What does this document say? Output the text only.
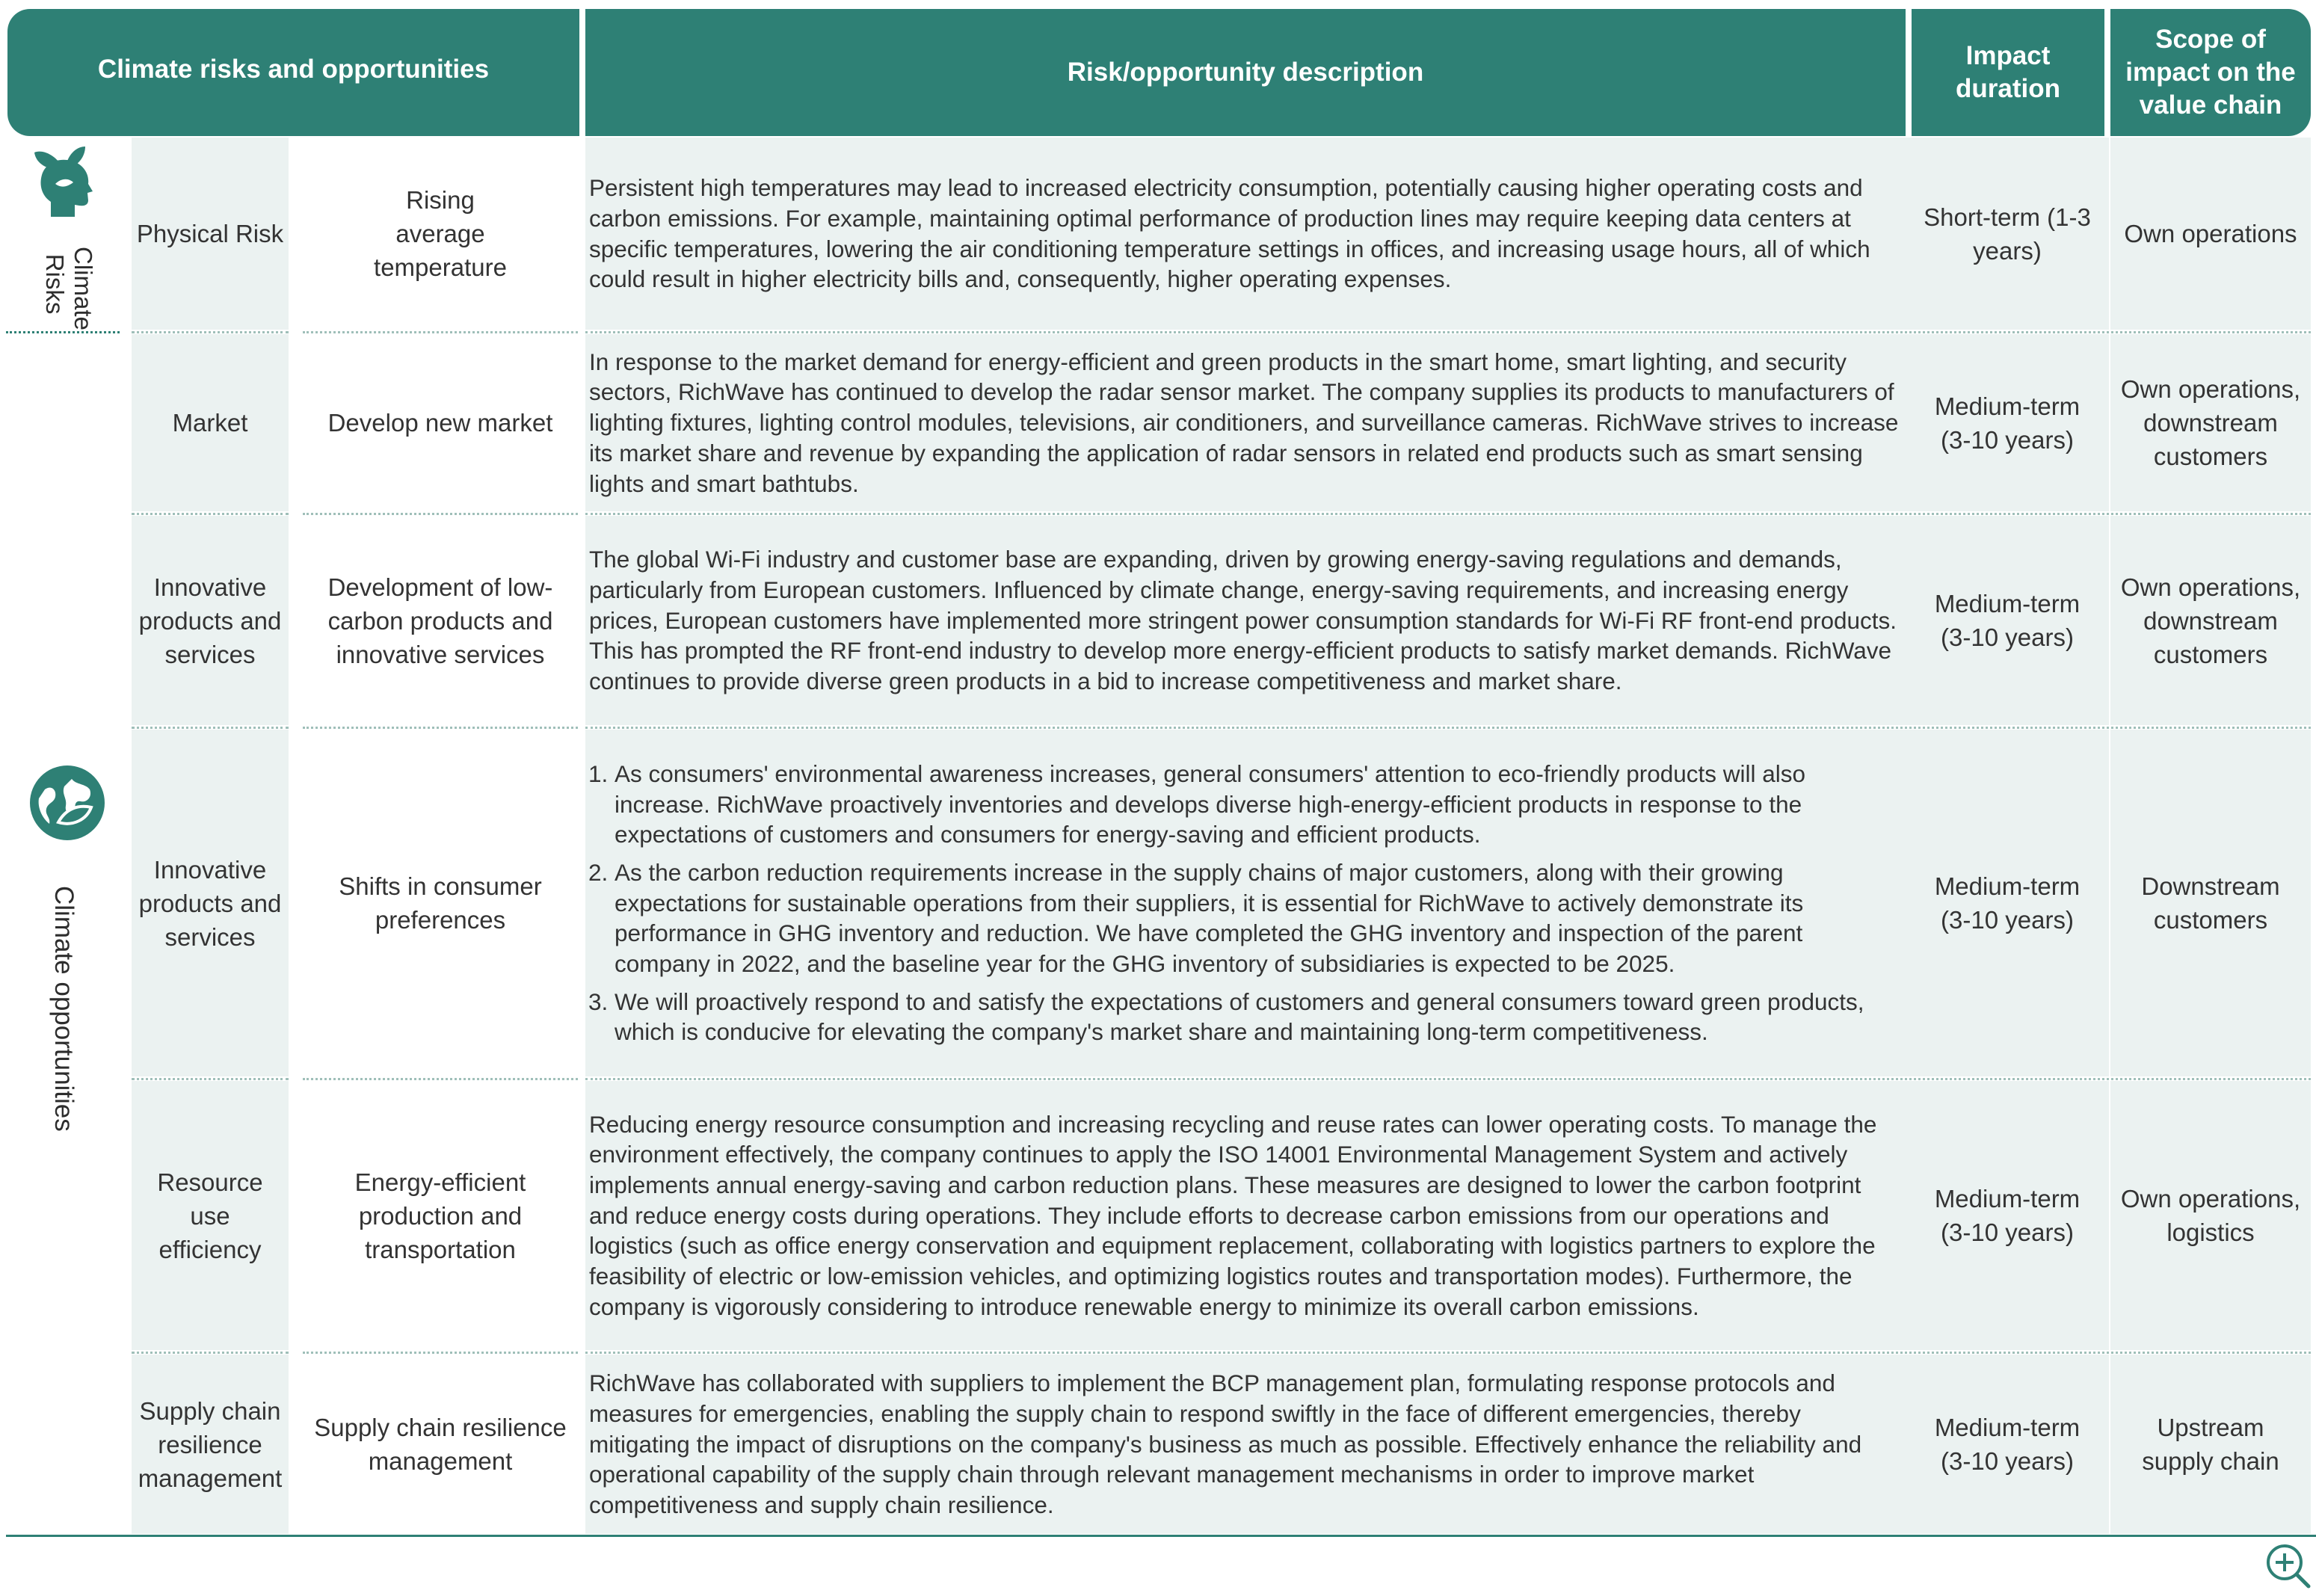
Climate risks and opportunities	Risk/opportunity description
Impact duration
Scope of impact on the value chain
Climate Risks
Climate opportunities
Physical Risk
Rising average temperature

Persistent high temperatures may lead to increased electricity consumption, potentially causing higher operating costs and carbon emissions. For example, maintaining optimal performance of production lines may require keeping data centers at specific temperatures, lowering the air conditioning temperature settings in offices, and increasing usage hours, all of which could result in higher electricity bills and, consequently, higher operating expenses.

Short-term (1-3 years)
Own operations
Market	Develop new market

In response to the market demand for energy-efficient and green products in the smart home, smart lighting, and security sectors, RichWave has continued to develop the radar sensor market. The company supplies its products to manufacturers of lighting fixtures, lighting control modules, televisions, air conditioners, and surveillance cameras. RichWave strives to increase its market share and revenue by expanding the application of radar sensors in related end products such as smart sensing lights and smart bathtubs.

Medium-term (3-10 years)
Own operations, downstream customers
Innovative products and services
Development of low-carbon products and innovative services

The global Wi-Fi industry and customer base are expanding, driven by growing energy-saving regulations and demands, particularly from European customers. Influenced by climate change, energy-saving requirements, and increasing energy prices, European customers have implemented more stringent power consumption standards for Wi-Fi RF front-end products. This has prompted the RF front-end industry to develop more energy-efficient products to satisfy market demands. RichWave continues to provide diverse green products in a bid to increase competitiveness and market share.

Medium-term (3-10 years)
Own operations, downstream customers
Innovative products and services
Shifts in consumer preferences
1. As consumers' environmental awareness increases, general consumers' attention to eco-friendly products will also increase. RichWave proactively inventories and develops diverse high-energy-efficient products in response to the expectations of customers and consumers for energy-saving and efficient products.
2. As the carbon reduction requirements increase in the supply chains of major customers, along with their growing expectations for sustainable operations from their suppliers, it is essential for RichWave to actively demonstrate its performance in GHG inventory and reduction. We have completed the GHG inventory and inspection of the parent company in 2022, and the baseline year for the GHG inventory of subsidiaries is expected to be 2025.
3. We will proactively respond to and satisfy the expectations of customers and general consumers toward green products, which is conducive for elevating the company's market share and maintaining long-term competitiveness.
Medium-term (3-10 years)
Downstream customers
Resource use efficiency
Energy-efficient production and transportation

Reducing energy resource consumption and increasing recycling and reuse rates can lower operating costs. To manage the environment effectively, the company continues to apply the ISO 14001 Environmental Management System and actively implements annual energy-saving and carbon reduction plans. These measures are designed to lower the carbon footprint and reduce energy costs during operations. They include efforts to decrease carbon emissions from our operations and logistics (such as office energy conservation and equipment replacement, collaborating with logistics partners to explore the feasibility of electric or low-emission vehicles, and optimizing logistics routes and transportation modes). Furthermore, the company is vigorously considering to introduce renewable energy to minimize its overall carbon emissions.

Medium-term (3-10 years)
Own operations, logistics
Supply chain resilience management
Supply chain resilience management

RichWave has collaborated with suppliers to implement the BCP management plan, formulating response protocols and measures for emergencies, enabling the supply chain to respond swiftly in the face of different emergencies, thereby mitigating the impact of disruptions on the company's business as much as possible. Effectively enhance the reliability and operational capability of the supply chain through relevant management mechanisms in order to improve market competitiveness and supply chain resilience.

Medium-term (3-10 years)
Upstream supply chain
